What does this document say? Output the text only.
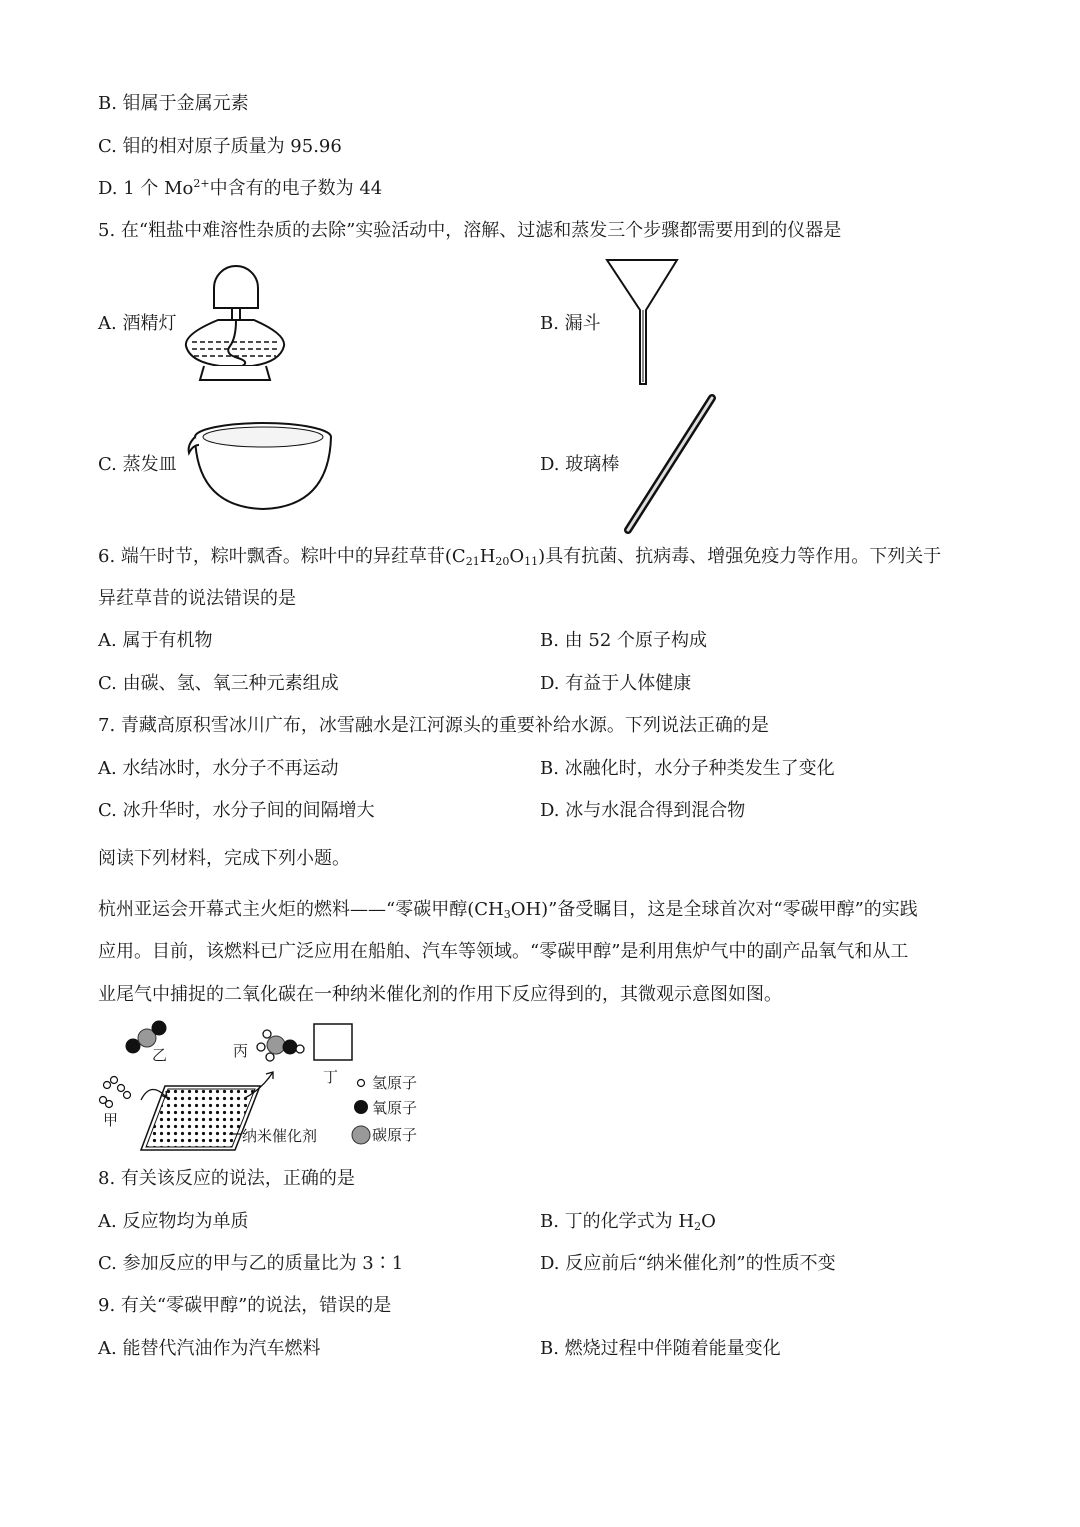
B. 钼属于金属元素
C. 钼的相对原子质量为 95.96
D. 1 个 $Mo^{2+}$中含有的电子数为 44
5. 在“粗盐中难溶性杂质的去除”实验活动中，溶解、过滤和蒸发三个步骤都需要用到的仪器是
A. 酒精灯	B. 漏斗
C. 蒸发皿	D. 玻璃棒
6. 端午时节，粽叶飘香。粽叶中的异荭草苷$(C_{21}H_{20}O_{11})$具有抗菌、抗病毒、增强免疫力等作用。下列关于
异荭草昔的说法错误的是
A. 属于有机物	B. 由 52 个原子构成
C. 由碳、氢、氧三种元素组成	D. 有益于人体健康
7. 青藏高原积雪冰川广布，冰雪融水是江河源头的重要补给水源。下列说法正确的是
A. 水结冰时，水分子不再运动	B. 冰融化时，水分子种类发生了变化
C. 冰升华时，水分子间的间隔增大	D. 冰与水混合得到混合物
阅读下列材料，完成下列小题。
杭州亚运会开幕式主火炬的燃料——“零碳甲醇$(CH_3OH)$”备受瞩目，这是全球首次对“零碳甲醇”的实践
应用。目前，该燃料已广泛应用在船舶、汽车等领域。“零碳甲醇”是利用焦炉气中的副产品氧气和从工
业尾气中捕捉的二氧化碳在一种纳米催化剂的作用下反应得到的，其微观示意图如图。
乙	丙
丁
甲
纳米催化剂
氢原子
氧原子
碳原子
8. 有关该反应的说法，正确的是
A. 反应物均为单质	B. 丁的化学式为 $H_2O$
C. 参加反应的甲与乙的质量比为 3∶1	D. 反应前后“纳米催化剂”的性质不变
9. 有关“零碳甲醇”的说法，错误的是
A. 能替代汽油作为汽车燃料	B. 燃烧过程中伴随着能量变化
